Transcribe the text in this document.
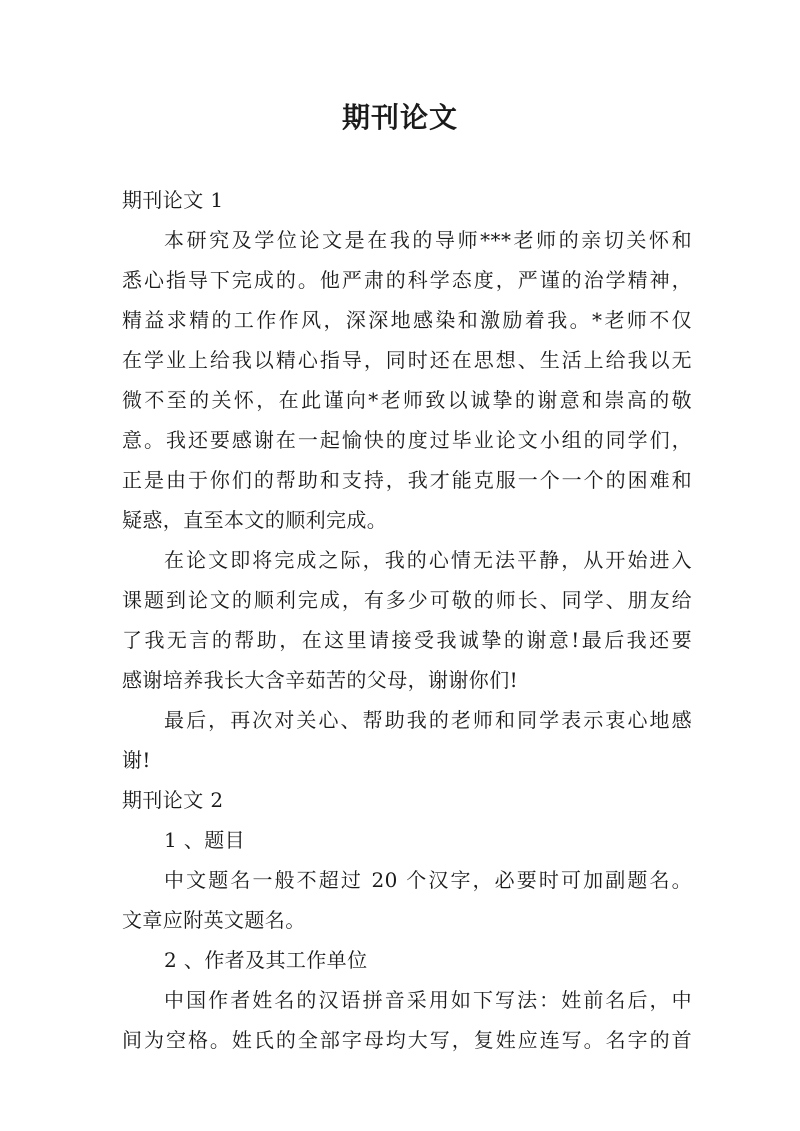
期刊论文
期刊论文 1
本研究及学位论文是在我的导师***老师的亲切关怀和
悉心指导下完成的。他严肃的科学态度，严谨的治学精神，
精益求精的工作作风，深深地感染和激励着我。*老师不仅
在学业上给我以精心指导，同时还在思想、生活上给我以无
微不至的关怀，在此谨向*老师致以诚挚的谢意和崇高的敬
意。我还要感谢在一起愉快的度过毕业论文小组的同学们，
正是由于你们的帮助和支持，我才能克服一个一个的困难和
疑惑，直至本文的顺利完成。
在论文即将完成之际，我的心情无法平静，从开始进入
课题到论文的顺利完成，有多少可敬的师长、同学、朋友给
了我无言的帮助，在这里请接受我诚挚的谢意!最后我还要
感谢培养我长大含辛茹苦的父母，谢谢你们!
最后，再次对关心、帮助我的老师和同学表示衷心地感
谢!
期刊论文 2
1 、题目
中文题名一般不超过 20 个汉字，必要时可加副题名。
文章应附英文题名。
2 、作者及其工作单位
中国作者姓名的汉语拼音采用如下写法：姓前名后，中
间为空格。姓氏的全部字母均大写，复姓应连写。名字的首
